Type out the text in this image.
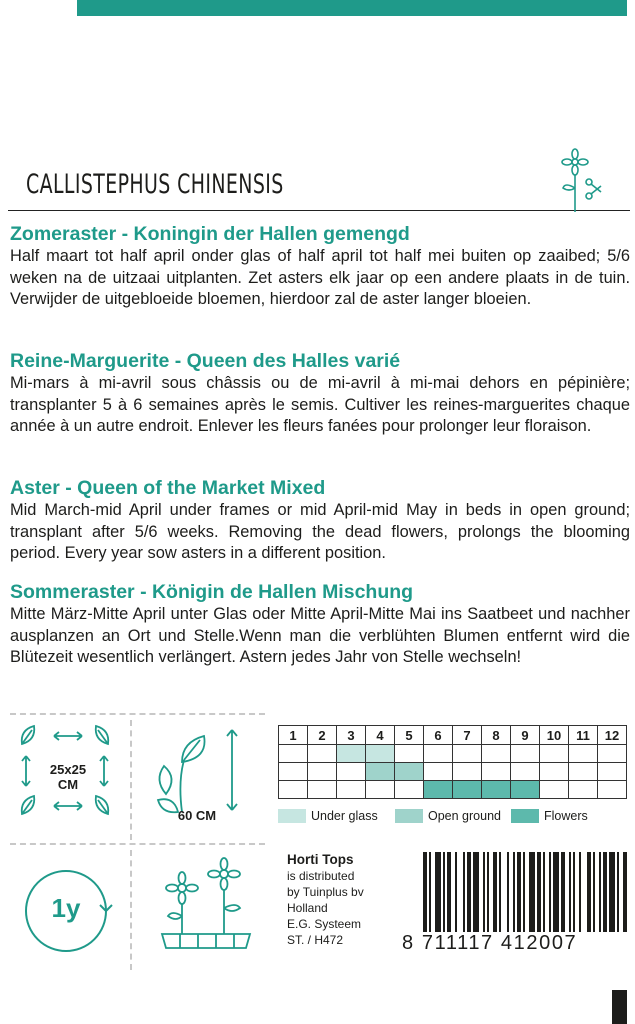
CALLISTEPHUS CHINENSIS
Zomeraster - Koningin der Hallen gemengd

Half maart tot half april onder glas of half april tot half mei buiten op zaaibed; 5/6 weken na de uitzaai uitplanten. Zet asters elk jaar op een andere plaats in de tuin. Verwijder de uitgebloeide bloemen, hierdoor zal de aster langer bloeien.

Reine-Marguerite - Queen des Halles varié

Mi-mars à mi-avril sous châssis ou de mi-avril à mi-mai dehors en pépinière; transplanter 5 à 6 semaines après le semis. Cultiver les reines-marguerites chaque année à un autre endroit. Enlever les fleurs fanées pour prolonger leur floraison.

Aster - Queen of the Market Mixed

Mid March-mid April under frames or mid April-mid May in beds in open ground; transplant after 5/6 weeks. Removing the dead flowers, prolongs the blooming period. Every year sow asters in a different position.

Sommeraster - Königin de Hallen Mischung

Mitte März-Mitte April unter Glas oder Mitte April-Mitte Mai ins Saatbeet und nachher ausplanzen an Ort und Stelle.Wenn man die verblühten Blumen entfernt wird die Blütezeit wesentlich verlängert. Astern jedes Jahr von Stelle wechseln!

25x25
CM
60 CM
1y
1	2	3	4	5	6	7	8	9	10	11	12

Under glass	Open ground	Flowers
Horti Tops
is distributed
by Tuinplus bv
Holland
E.G. Systeem
ST. / H472	8 711117 412007
